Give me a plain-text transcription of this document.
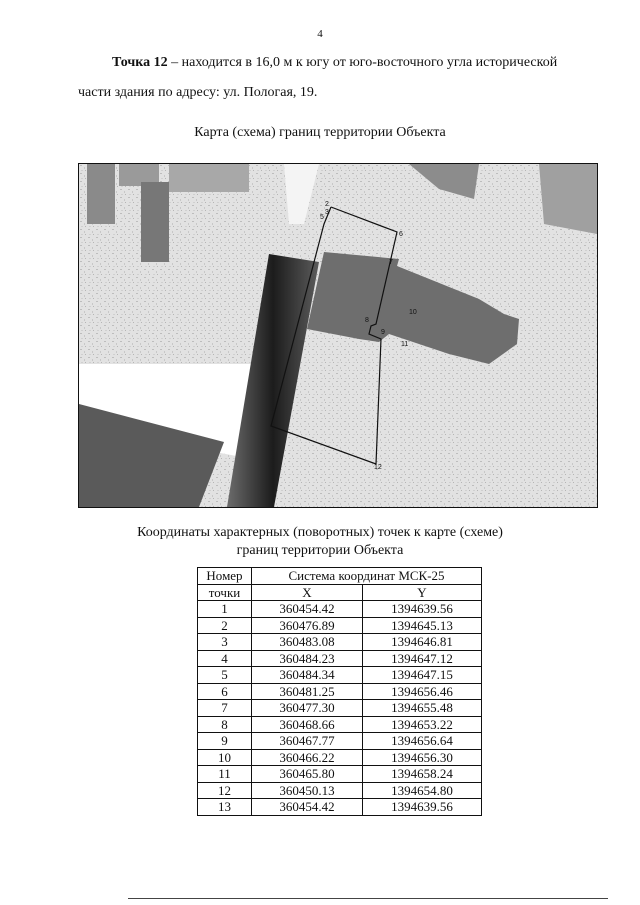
4
Точка 12 – находится в 16,0 м к югу от юго-восточного угла исторической
части здания по адресу: ул. Пологая, 19.
Карта (схема) границ территории Объекта
2
3
5
6
7
8
9
10
11
12
Координаты характерных (поворотных) точек к карте (схеме)
границ территории Объекта
Номер	Система координат МСК-25	
точки	X	Y
1	360454.42	1394639.56
2	360476.89	1394645.13
3	360483.08	1394646.81
4	360484.23	1394647.12
5	360484.34	1394647.15
6	360481.25	1394656.46
7	360477.30	1394655.48
8	360468.66	1394653.22
9	360467.77	1394656.64
10	360466.22	1394656.30
11	360465.80	1394658.24
12	360450.13	1394654.80
13	360454.42	1394639.56
